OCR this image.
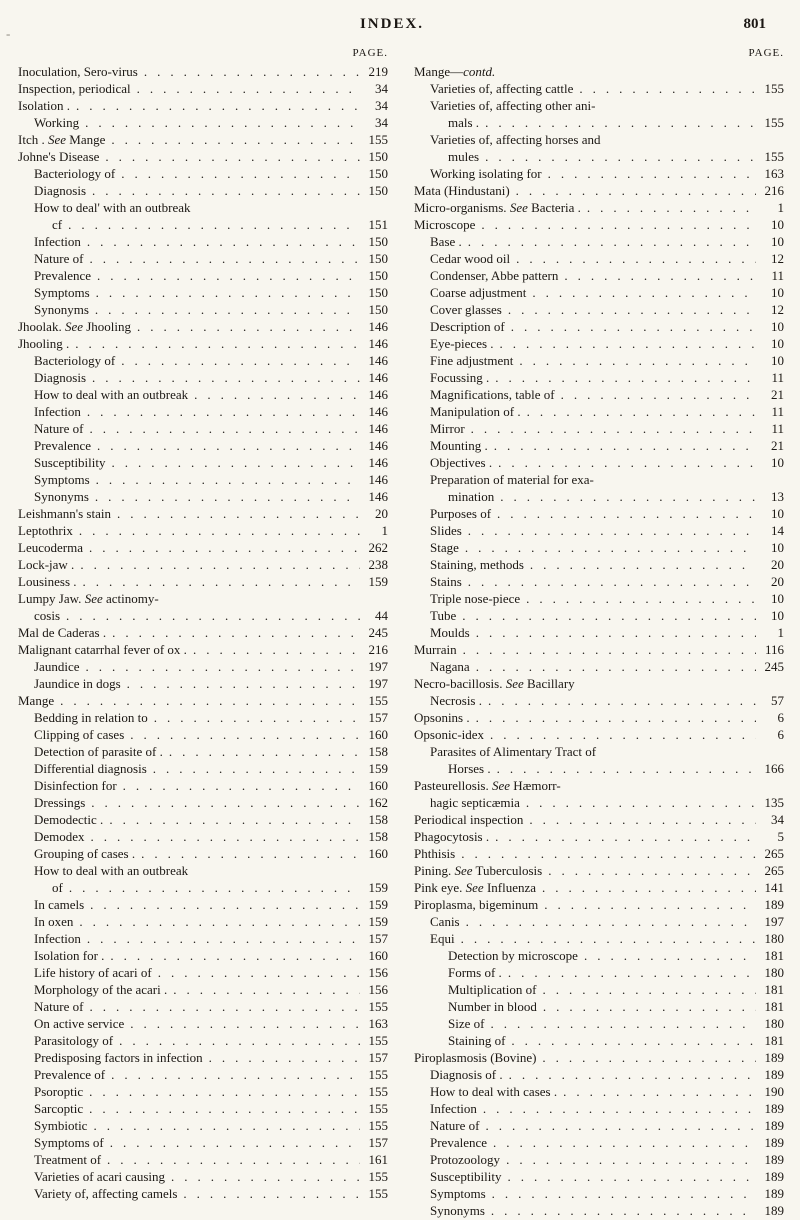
-
INDEX.	801
PAGE.
Inoculation, Sero-virus .....	219
Inspection, periodical .....	34
Isolation . .....	34
Working .....	34
Itch . See Mange .....	155
Johne's Disease .....	150
Bacteriology of .....	150
Diagnosis .....	150
How to deal' with an outbreak
cf .....	151
Infection .....	150
Nature of .....	150
Prevalence .....	150
Symptoms .....	150
Synonyms .....	150
Jhoolak. See Jhooling .....	146
Jhooling . .....	146
Bacteriology of .....	146
Diagnosis .....	146
How to deal with an outbreak .....	146
Infection .....	146
Nature of .....	146
Prevalence .....	146
Susceptibility .....	146
Symptoms .....	146
Synonyms .....	146
Leishmann's stain .....	20
Leptothrix .....	1
Leucoderma .....	262
Lock-jaw . .....	238
Lousiness . .....	159
Lumpy Jaw. See actinomy-
cosis .....	44
Mal de Caderas . .....	245
Malignant catarrhal fever of ox . .....	216
Jaundice .....	197
Jaundice in dogs .....	197
Mange .....	155
Bedding in relation to .....	157
Clipping of cases .....	160
Detection of parasite of . .....	158
Differential diagnosis .....	159
Disinfection for .....	160
Dressings .....	162
Demodectic . .....	158
Demodex .....	158
Grouping of cases . .....	160
How to deal with an outbreak
of .....	159
In camels .....	159
In oxen .....	159
Infection .....	157
Isolation for . .....	160
Life history of acari of .....	156
Morphology of the acari . .....	156
Nature of .....	155
On active service .....	163
Parasitology of .....	155
Predisposing factors in infection .....	157
Prevalence of .....	155
Psoroptic .....	155
Sarcoptic .....	155
Symbiotic .....	155
Symptoms of .....	157
Treatment of .....	161
Varieties of acari causing .....	155
Variety of, affecting camels .....	155
PAGE.
Mange—contd.
Varieties of, affecting cattle .....	155
Varieties of, affecting other ani-
mals . .....	155
Varieties of, affecting horses and
mules .....	155
Working isolating for .....	163
Mata (Hindustani) .....	216
Micro-organisms. See Bacteria . .....	1
Microscope .....	10
Base . .....	10
Cedar wood oil .....	12
Condenser, Abbe pattern .....	11
Coarse adjustment .....	10
Cover glasses .....	12
Description of .....	10
Eye-pieces . .....	10
Fine adjustment .....	10
Focussing . .....	11
Magnifications, table of .....	21
Manipulation of . .....	11
Mirror .....	11
Mounting . .....	21
Objectives . .....	10
Preparation of material for exa-
mination .....	13
Purposes of .....	10
Slides .....	14
Stage .....	10
Staining, methods .....	20
Stains .....	20
Triple nose-piece .....	10
Tube .....	10
Moulds .....	1
Murrain .....	116
Nagana .....	245
Necro-bacillosis. See Bacillary
Necrosis . .....	57
Opsonins . .....	6
Opsonic-idex .....	6
Parasites of Alimentary Tract of
Horses . .....	166
Pasteurellosis. See Hæmorr-
hagic septicæmia .....	135
Periodical inspection .....	34
Phagocytosis . .....	5
Phthisis .....	265
Pining. See Tuberculosis .....	265
Pink eye. See Influenza .....	141
Piroplasma, bigeminum .....	189
Canis .....	197
Equi .....	180
Detection by microscope .....	181
Forms of . .....	180
Multiplication of .....	181
Number in blood .....	181
Size of .....	180
Staining of .....	181
Piroplasmosis (Bovine) .....	189
Diagnosis of . .....	189
How to deal with cases . .....	190
Infection .....	189
Nature of .....	189
Prevalence .....	189
Protozoology .....	189
Susceptibility .....	189
Symptoms .....	189
Synonyms .....	189
